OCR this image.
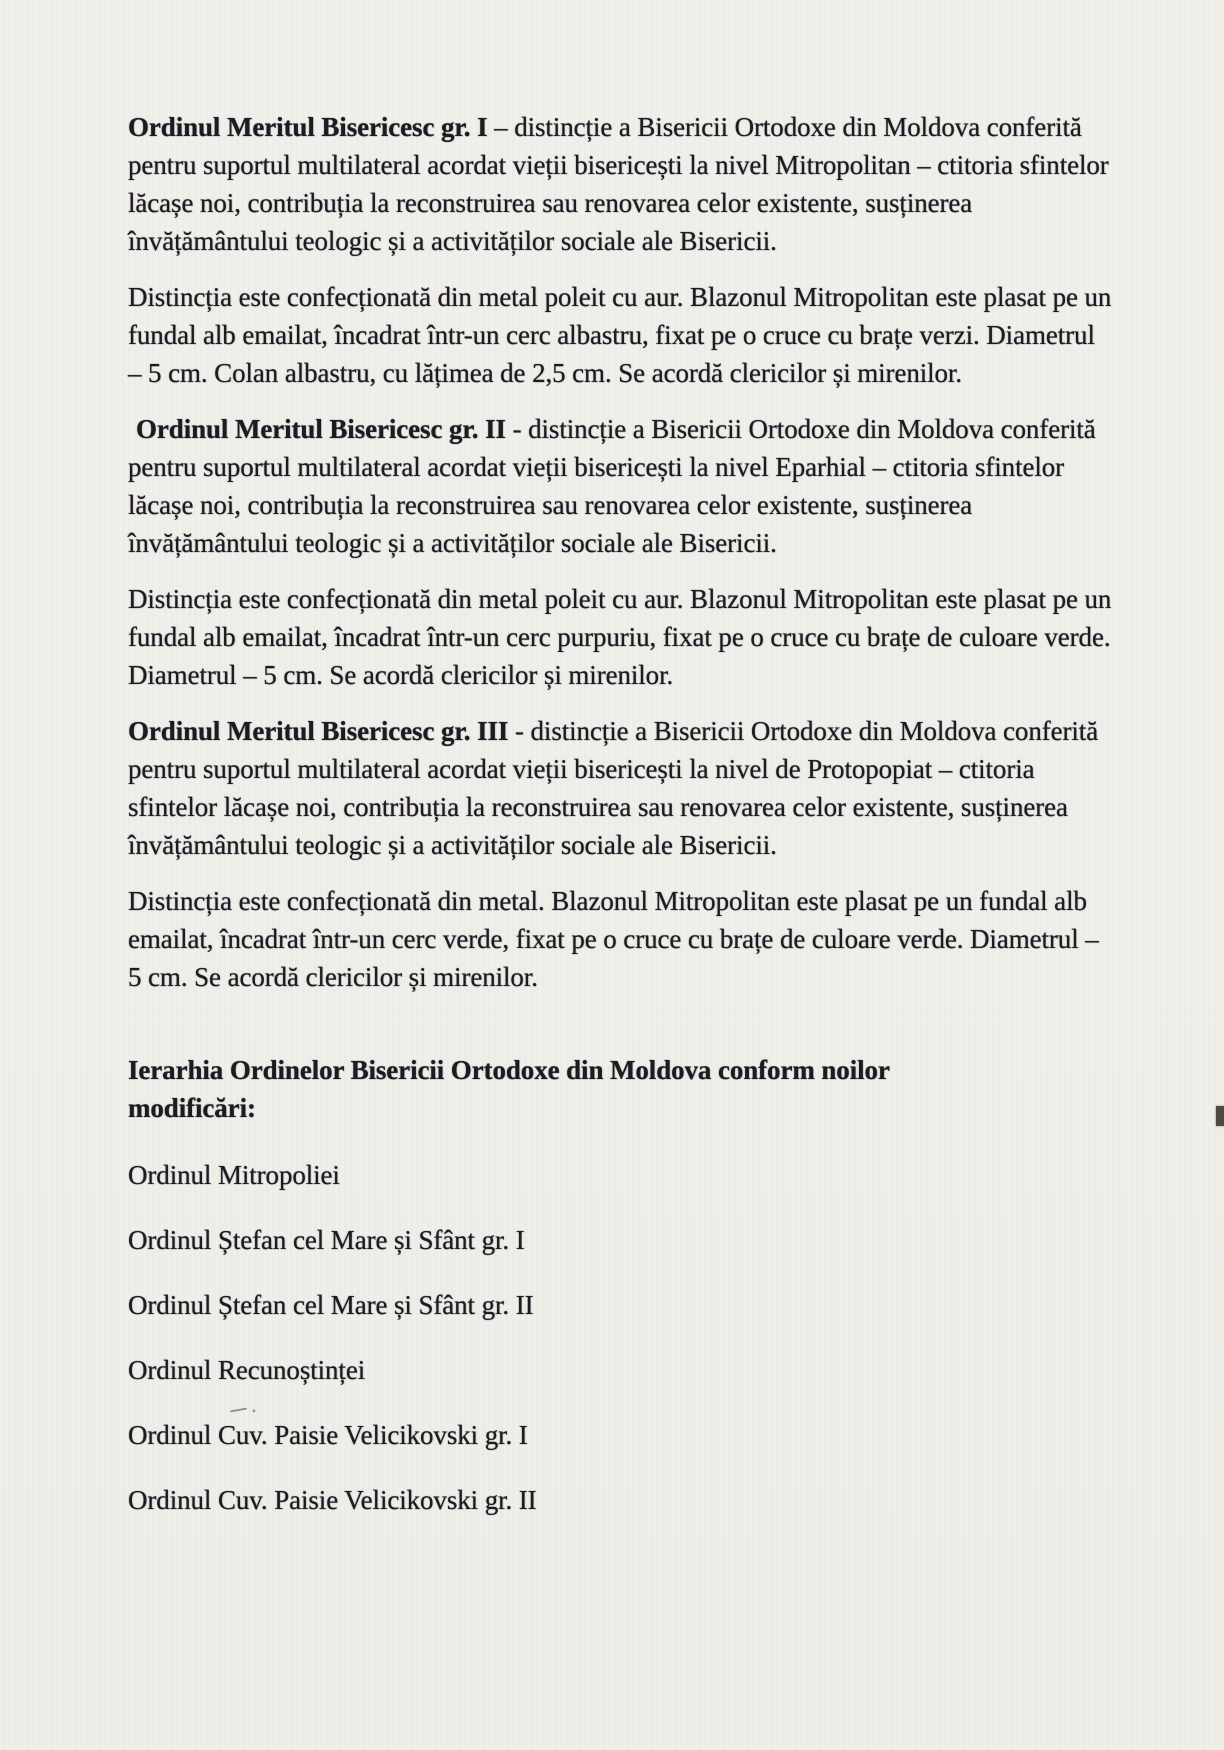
Ordinul Meritul Bisericesc gr. I – distincție a Bisericii Ortodoxe din Moldova conferită pentru suportul multilateral acordat vieții bisericești la nivel Mitropolitan – ctitoria sfintelor lăcașe noi, contribuția la reconstruirea sau renovarea celor existente, susținerea învățământului teologic și a activităților sociale ale Bisericii.

Distincția este confecționată din metal poleit cu aur. Blazonul Mitropolitan este plasat pe un fundal alb emailat, încadrat într-un cerc albastru, fixat pe o cruce cu brațe verzi. Diametrul – 5 cm. Colan albastru, cu lățimea de 2,5 cm. Se acordă clericilor și mirenilor.

Ordinul Meritul Bisericesc gr. II - distincție a Bisericii Ortodoxe din Moldova conferită pentru suportul multilateral acordat vieții bisericești la nivel Eparhial – ctitoria sfintelor lăcașe noi, contribuția la reconstruirea sau renovarea celor existente, susținerea învățământului teologic și a activităților sociale ale Bisericii.

Distincția este confecționată din metal poleit cu aur. Blazonul Mitropolitan este plasat pe un fundal alb emailat, încadrat într-un cerc purpuriu, fixat pe o cruce cu brațe de culoare verde. Diametrul – 5 cm. Se acordă clericilor și mirenilor.

Ordinul Meritul Bisericesc gr. III - distincție a Bisericii Ortodoxe din Moldova conferită pentru suportul multilateral acordat vieții bisericești la nivel de Protopopiat – ctitoria sfintelor lăcașe noi, contribuția la reconstruirea sau renovarea celor existente, susținerea învățământului teologic și a activităților sociale ale Bisericii.

Distincția este confecționată din metal. Blazonul Mitropolitan este plasat pe un fundal alb emailat, încadrat într-un cerc verde, fixat pe o cruce cu brațe de culoare verde. Diametrul – 5 cm. Se acordă clericilor și mirenilor.

Ierarhia Ordinelor Bisericii Ortodoxe din Moldova conform noilor
modificări:

Ordinul Mitropoliei
Ordinul Ștefan cel Mare și Sfânt gr. I
Ordinul Ștefan cel Mare și Sfânt gr. II
Ordinul Recunoștinței
Ordinul Cuv. Paisie Velicikovski gr. I
Ordinul Cuv. Paisie Velicikovski gr. II
